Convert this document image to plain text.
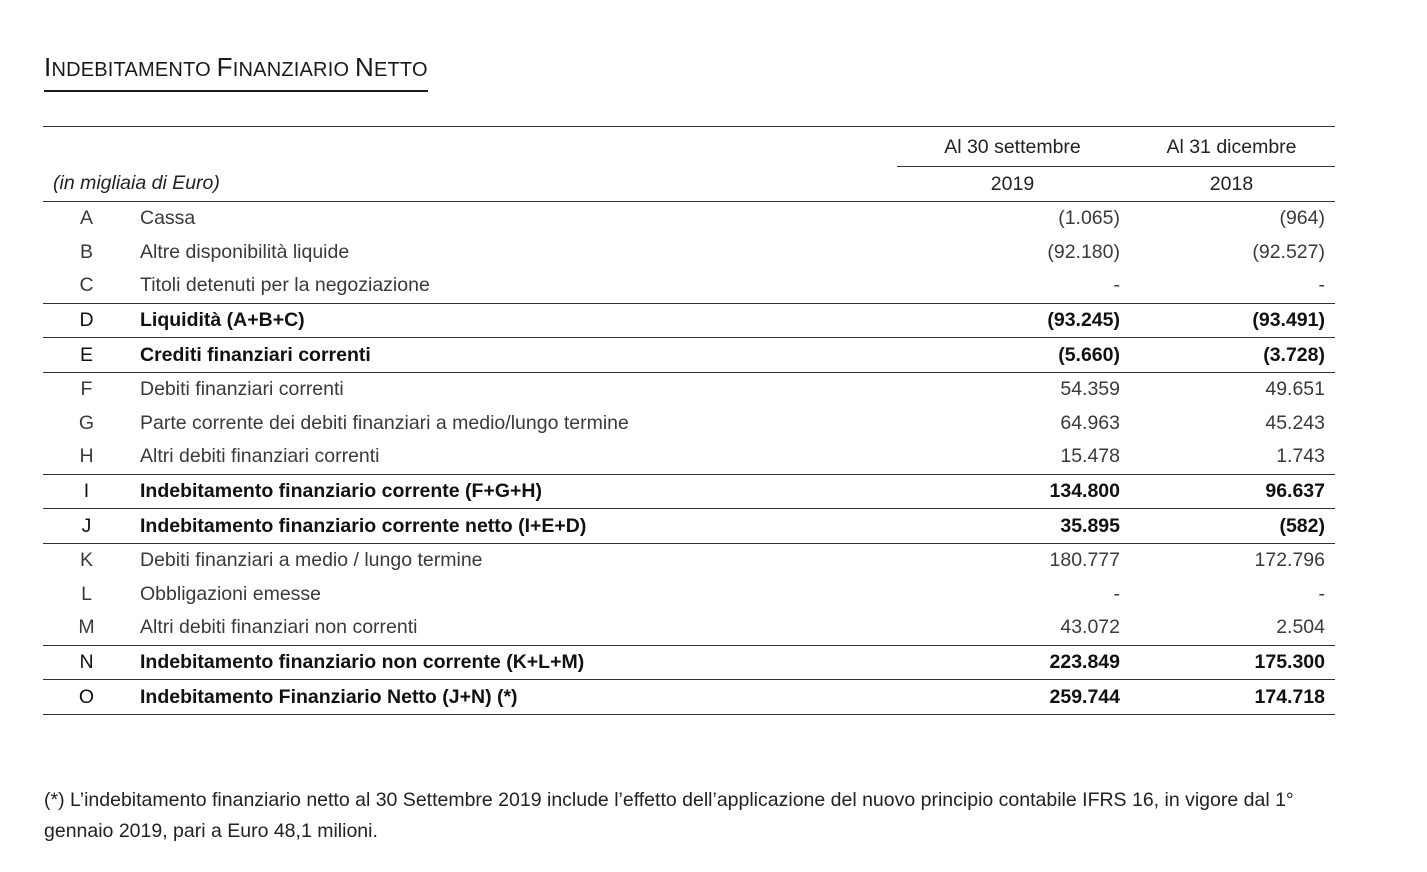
INDEBITAMENTO FINANZIARIO NETTO
		Al 30 settembre	Al 31 dicembre
(in migliaia di Euro)		2019	2018
A	Cassa	(1.065)	(964)
B	Altre disponibilità liquide	(92.180)	(92.527)
C	Titoli detenuti per la negoziazione	-	-
D	Liquidità (A+B+C)	(93.245)	(93.491)
E	Crediti finanziari correnti	(5.660)	(3.728)
F	Debiti finanziari correnti	54.359	49.651
G	Parte corrente dei debiti finanziari a medio/lungo termine	64.963	45.243
H	Altri debiti finanziari correnti	15.478	1.743
I	Indebitamento finanziario corrente (F+G+H)	134.800	96.637
J	Indebitamento finanziario corrente netto (I+E+D)	35.895	(582)
K	Debiti finanziari a medio / lungo termine	180.777	172.796
L	Obbligazioni emesse	-	-
M	Altri debiti finanziari non correnti	43.072	2.504
N	Indebitamento finanziario non corrente (K+L+M)	223.849	175.300
O	Indebitamento Finanziario Netto (J+N) (*)	259.744	174.718
(*) L’indebitamento finanziario netto al 30 Settembre 2019 include l’effetto dell’applicazione del nuovo principio contabile IFRS 16, in vigore dal 1° gennaio 2019, pari a Euro 48,1 milioni.
